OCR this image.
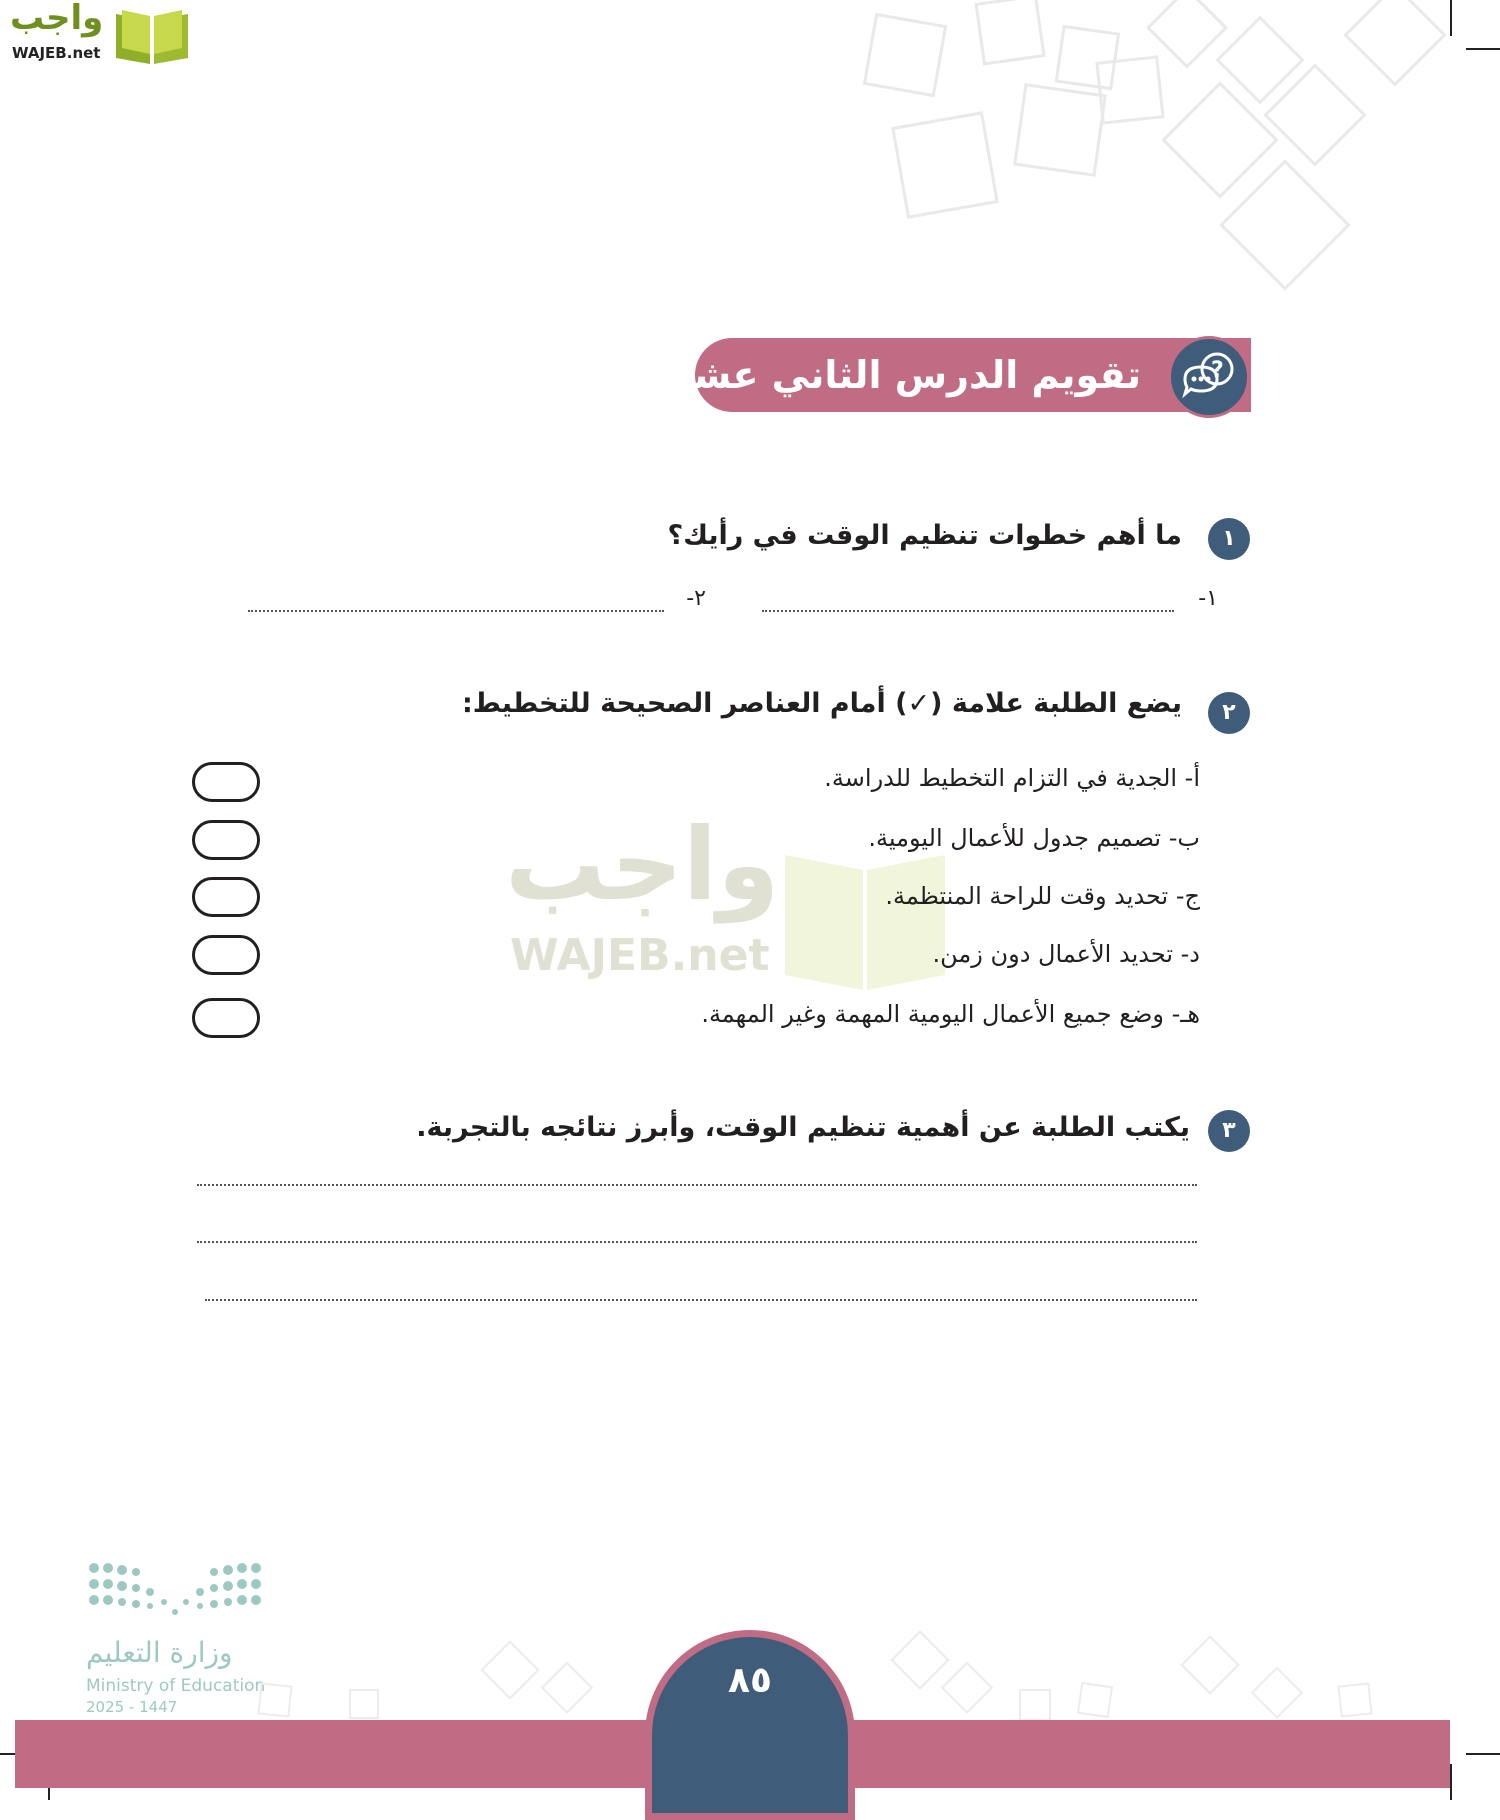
واجب
WAJEB.net
تقويم الدرس الثاني عشر	?
١
ما أهم خطوات تنظيم الوقت في رأيك؟
١-
٢-
٢
يضع الطلبة علامة (✓) أمام العناصر الصحيحة للتخطيط:
واجب
WAJEB.net
أ- الجدية في التزام التخطيط للدراسة.
ب- تصميم جدول للأعمال اليومية.
ج- تحديد وقت للراحة المنتظمة.
د- تحديد الأعمال دون زمن.
هـ- وضع جميع الأعمال اليومية المهمة وغير المهمة.
٣
يكتب الطلبة عن أهمية تنظيم الوقت، وأبرز نتائجه بالتجربة.
وزارة التعليم
Ministry of Education
2025 - 1447
٨٥
